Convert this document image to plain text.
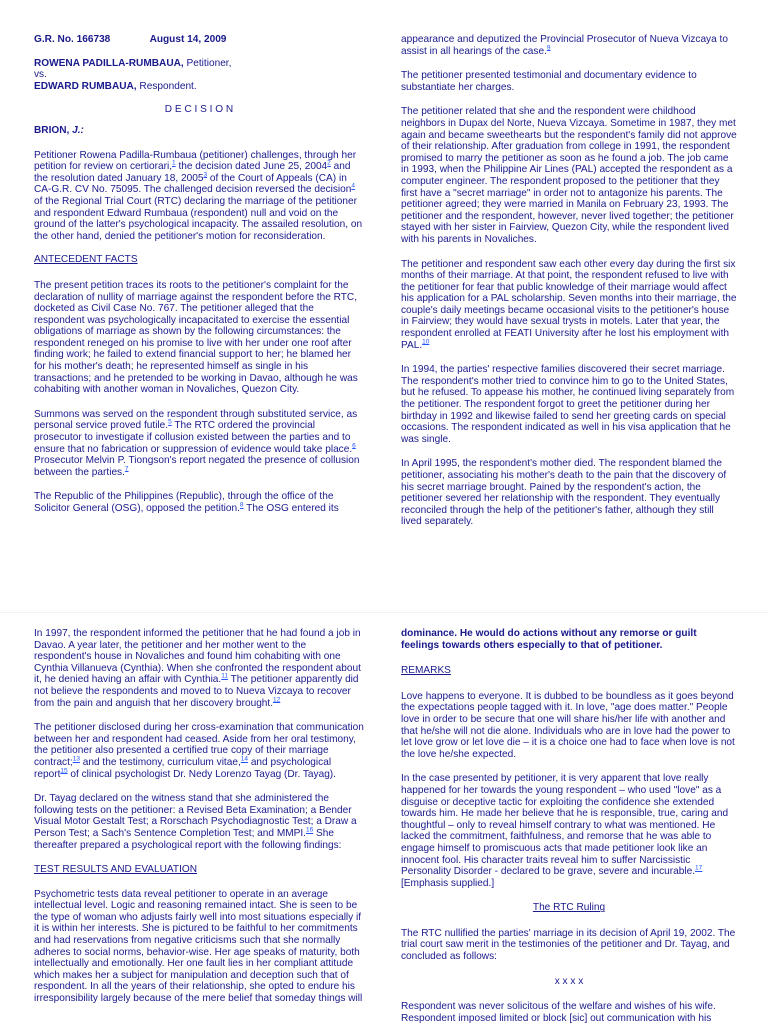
G.R. No. 166738	August 14, 2009
ROWENA PADILLA-RUMBAUA, Petitioner,
vs.
EDWARD RUMBAUA, Respondent.
D E C I S I O N
BRION, J.:

Petitioner Rowena Padilla-Rumbaua (petitioner) challenges, through her petition for review on certiorari,$^1$ the decision dated June 25, 2004$^2$ and the resolution dated January 18, 2005$^3$ of the Court of Appeals (CA) in CA-G.R. CV No. 75095. The challenged decision reversed the decision$^4$ of the Regional Trial Court (RTC) declaring the marriage of the petitioner and respondent Edward Rumbaua (respondent) null and void on the ground of the latter's psychological incapacity. The assailed resolution, on the other hand, denied the petitioner's motion for reconsideration.

ANTECEDENT FACTS

The present petition traces its roots to the petitioner's complaint for the declaration of nullity of marriage against the respondent before the RTC, docketed as Civil Case No. 767. The petitioner alleged that the respondent was psychologically incapacitated to exercise the essential obligations of marriage as shown by the following circumstances: the respondent reneged on his promise to live with her under one roof after finding work; he failed to extend financial support to her; he blamed her for his mother's death; he represented himself as single in his transactions; and he pretended to be working in Davao, although he was cohabiting with another woman in Novaliches, Quezon City.

Summons was served on the respondent through substituted service, as personal service proved futile.$^5$ The RTC ordered the provincial prosecutor to investigate if collusion existed between the parties and to ensure that no fabrication or suppression of evidence would take place.$^6$ Prosecutor Melvin P. Tiongson's report negated the presence of collusion between the parties.$^7$

The Republic of the Philippines (Republic), through the office of the Solicitor General (OSG), opposed the petition.$^8$ The OSG entered its

appearance and deputized the Provincial Prosecutor of Nueva Vizcaya to assist in all hearings of the case.$^9$

The petitioner presented testimonial and documentary evidence to substantiate her charges.

The petitioner related that she and the respondent were childhood neighbors in Dupax del Norte, Nueva Vizcaya. Sometime in 1987, they met again and became sweethearts but the respondent's family did not approve of their relationship. After graduation from college in 1991, the respondent promised to marry the petitioner as soon as he found a job. The job came in 1993, when the Philippine Air Lines (PAL) accepted the respondent as a computer engineer. The respondent proposed to the petitioner that they first have a "secret marriage" in order not to antagonize his parents. The petitioner agreed; they were married in Manila on February 23, 1993. The petitioner and the respondent, however, never lived together; the petitioner stayed with her sister in Fairview, Quezon City, while the respondent lived with his parents in Novaliches.

The petitioner and respondent saw each other every day during the first six months of their marriage. At that point, the respondent refused to live with the petitioner for fear that public knowledge of their marriage would affect his application for a PAL scholarship. Seven months into their marriage, the couple's daily meetings became occasional visits to the petitioner's house in Fairview; they would have sexual trysts in motels. Later that year, the respondent enrolled at FEATI University after he lost his employment with PAL.$^{10}$

In 1994, the parties' respective families discovered their secret marriage. The respondent's mother tried to convince him to go to the United States, but he refused. To appease his mother, he continued living separately from the petitioner. The respondent forgot to greet the petitioner during her birthday in 1992 and likewise failed to send her greeting cards on special occasions. The respondent indicated as well in his visa application that he was single.

In April 1995, the respondent's mother died. The respondent blamed the petitioner, associating his mother's death to the pain that the discovery of his secret marriage brought. Pained by the respondent's action, the petitioner severed her relationship with the respondent. They eventually reconciled through the help of the petitioner's father, although they still lived separately.

In 1997, the respondent informed the petitioner that he had found a job in Davao. A year later, the petitioner and her mother went to the respondent's house in Novaliches and found him cohabiting with one Cynthia Villanueva (Cynthia). When she confronted the respondent about it, he denied having an affair with Cynthia.$^{11}$ The petitioner apparently did not believe the respondents and moved to to Nueva Vizcaya to recover from the pain and anguish that her discovery brought.$^{12}$

The petitioner disclosed during her cross-examination that communication between her and respondent had ceased. Aside from her oral testimony, the petitioner also presented a certified true copy of their marriage contract;$^{13}$ and the testimony, curriculum vitae,$^{14}$ and psychological report$^{15}$ of clinical psychologist Dr. Nedy Lorenzo Tayag (Dr. Tayag).

Dr. Tayag declared on the witness stand that she administered the following tests on the petitioner: a Revised Beta Examination; a Bender Visual Motor Gestalt Test; a Rorschach Psychodiagnostic Test; a Draw a Person Test; a Sach's Sentence Completion Test; and MMPI.$^{16}$ She thereafter prepared a psychological report with the following findings:

TEST RESULTS AND EVALUATION

Psychometric tests data reveal petitioner to operate in an average intellectual level. Logic and reasoning remained intact. She is seen to be the type of woman who adjusts fairly well into most situations especially if it is within her interests. She is pictured to be faithful to her commitments and had reservations from negative criticisms such that she normally adheres to social norms, behavior-wise. Her age speaks of maturity, both intellectually and emotionally. Her one fault lies in her compliant attitude which makes her a subject for manipulation and deception such that of respondent. In all the years of their relationship, she opted to endure his irresponsibility largely because of the mere belief that someday things will

dominance. He would do actions without any remorse or guilt feelings towards others especially to that of petitioner.

REMARKS

Love happens to everyone. It is dubbed to be boundless as it goes beyond the expectations people tagged with it. In love, "age does matter." People love in order to be secure that one will share his/her life with another and that he/she will not die alone. Individuals who are in love had the power to let love grow or let love die – it is a choice one had to face when love is not the love he/she expected.

In the case presented by petitioner, it is very apparent that love really happened for her towards the young respondent – who used "love" as a disguise or deceptive tactic for exploiting the confidence she extended towards him. He made her believe that he is responsible, true, caring and thoughtful – only to reveal himself contrary to what was mentioned. He lacked the commitment, faithfulness, and remorse that he was able to engage himself to promiscuous acts that made petitioner look like an innocent fool. His character traits reveal him to suffer Narcissistic Personality Disorder - declared to be grave, severe and incurable.$^{17}$ [Emphasis supplied.]

The RTC Ruling

The RTC nullified the parties' marriage in its decision of April 19, 2002. The trial court saw merit in the testimonies of the petitioner and Dr. Tayag, and concluded as follows:

x x x x

Respondent was never solicitous of the welfare and wishes of his wife. Respondent imposed limited or block [sic] out communication with his
